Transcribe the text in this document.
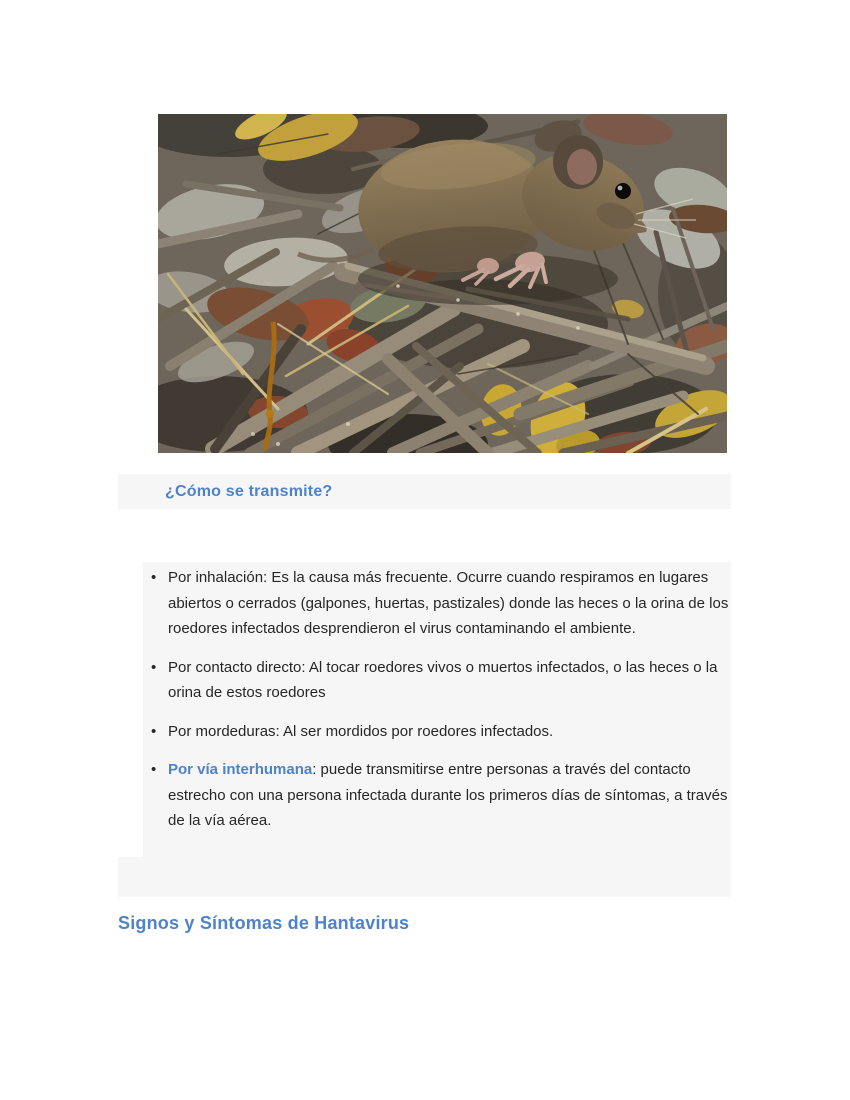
¿Cómo se transmite?
• Por inhalación: Es la causa más frecuente. Ocurre cuando respiramos en lugares abiertos o cerrados (galpones, huertas, pastizales) donde las heces o la orina de los roedores infectados desprendieron el virus contaminando el ambiente.
• Por contacto directo: Al tocar roedores vivos o muertos infectados, o las heces o la orina de estos roedores
• Por mordeduras: Al ser mordidos por roedores infectados.
• Por vía interhumana: puede transmitirse entre personas a través del contacto estrecho con una persona infectada durante los primeros días de síntomas, a través de la vía aérea.
Signos y Síntomas de Hantavirus
